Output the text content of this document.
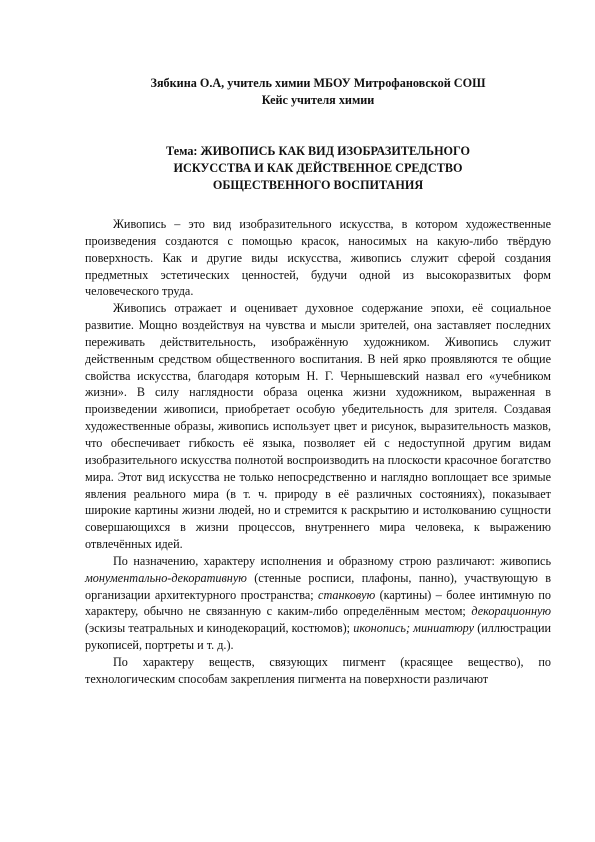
Зябкина О.А, учитель химии МБОУ Митрофановской СОШ

Кейс учителя химии

Тема: ЖИВОПИСЬ КАК ВИД ИЗОБРАЗИТЕЛЬНОГО
ИСКУССТВА И КАК ДЕЙСТВЕННОЕ СРЕДСТВО
ОБЩЕСТВЕННОГО ВОСПИТАНИЯ

Живопись – это вид изобразительного искусства, в котором художественные произведения создаются с помощью красок, наносимых на какую-либо твёрдую поверхность. Как и другие виды искусства, живопись служит сферой создания предметных эстетических ценностей, будучи одной из высокоразвитых форм человеческого труда.

Живопись отражает и оценивает духовное содержание эпохи, её социальное развитие. Мощно воздействуя на чувства и мысли зрителей, она заставляет последних переживать действительность, изображённую художником. Живопись служит действенным средством общественного воспитания. В ней ярко проявляются те общие свойства искусства, благодаря которым Н. Г. Чернышевский назвал его «учебником жизни». В силу наглядности образа оценка жизни художником, выраженная в произведении живописи, приобретает особую убедительность для зрителя. Создавая художественные образы, живопись использует цвет и рисунок, выразительность мазков, что обеспечивает гибкость её языка, позволяет ей с недоступной другим видам изобразительного искусства полнотой воспроизводить на плоскости красочное богатство мира. Этот вид искусства не только непосредственно и наглядно воплощает все зримые явления реального мира (в т. ч. природу в её различных состояниях), показывает широкие картины жизни людей, но и стремится к раскрытию и истолкованию сущности совершающихся в жизни процессов, внутреннего мира человека, к выражению отвлечённых идей.

По назначению, характеру исполнения и образному строю различают: живопись монументально-декоративную (стенные росписи, плафоны, панно), участвующую в организации архитектурного пространства; станковую (картины) – более интимную по характеру, обычно не связанную с каким-либо определённым местом; декорационную (эскизы театральных и кинодекораций, костюмов); иконопись; миниатюру (иллюстрации рукописей, портреты и т. д.).

По характеру веществ, связующих пигмент (красящее вещество), по технологическим способам закрепления пигмента на поверхности различают
